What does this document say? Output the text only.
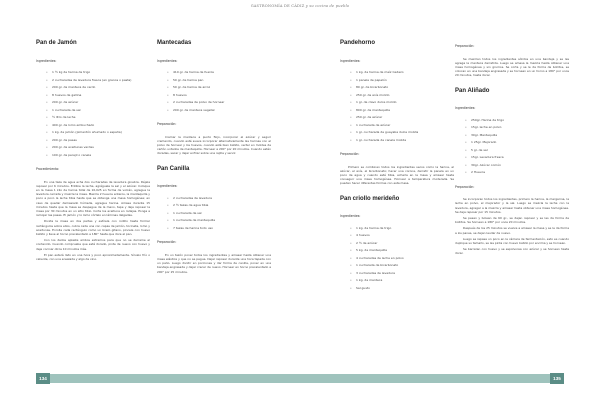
GASTRONOMÍA DE CÁDIZ y su cocina de pueblo
Pan de Jamón
Ingredientes:
• 1 ½ kg de harina de trigo
• 2 cucharadas de levadura fresca (en granos o pasta)
• 200 gr. de manteca de cerdo
• 8 huevos de gallina
• 200 gr. de azúcar
• 1 cucharada de sal
• ½ litro de leche
• 400 gr. de lomo embuchado
• 1 kg. de jamón (pimentón ahumado o españa)
• 200 gr. de pasas
• 200 gr. de aceitunas verdes
• 100 gr. de perejil o canela
Procedimiento:

En una taza de agua echa dos cucharadas de levadura ginebra. Déjela reposar por 6 minutos. Entibie la leche, agréguele la sal y el azúcar. Coloque en la mesa 1 kilo de harina total de 10,025 en forma de volcán, agregue la levadura cerrada y mezcle la masa. Mezcla 2 huevos enteros, la mantequilla y poco a poco la leche tibia hasta que se obtenga una masa homogénea; en caso de quedar demasiado húmeda, agregue harina. Amase durante 15 minutos hasta que la masa se despegue de la mano, tape y deje reposar la masa por 30 minutos en un sitio tibio. Corte los aceituna en rodajas. Ponga a remojar las pasas. El jamón y lo lomo córtelo en láminas delgadas.

Divida la masa en dos partes y estírela con rodillo hasta formar rectángulos sobre ellos, cubra cada una con capas de jamón, tocineta, lomo y aceitunas. Enrolle cada rectángulo como un brazo gitano, pincele con huevo batido y lleve al horno precalentado a 180° hasta que dore el pan.

Con los dedos aplaste ambos extremos para que no se derrame el contenido. Cuando compruebe que está dorado, pinte de nuevo con huevo y deje cocinar otros 10 minutos más.

El pan estará listo en una hora y poco aproximadamente. Sírvalo frío o caliente, con una ensalada y algo de vino.

Mantecadas
Ingredientes:
• 410 gr. de harina de fuerza
• 50 gr. de harina pan
• 50 gr. de harina de arroz
• 8 huevos
• 2 cucharadas de polvo de hornear
• 200 gr. de manteca vegetal
Preparación:

Cremar la manteca a punto flojo, incorporar el azúcar y seguir cremando, cuando esté suave incorporar alternativamente las harinas con el polvo de hornear y los huevos, cuando esté bien batido, verter en moldes de cartón untados de mantequilla. Hornear a 200° por 20 minutos. Cuando estén doradas, sacar y dejar enfriar sobre una rejilla y servir.

Pan Canilla
Ingredientes:
• 2 cucharadas de levadura
• 2 ½ tazas de agua tibia
• 1 cucharada de sal
• 1 cucharada de mantequilla
• 7 tazas de harina todo uso
Preparación:

En un tazón poner todos los ingredientes y amasar hasta obtener una masa elástica y que no se pegue. Dejar reposar durante una hora tapada con un paño. Luego dividir en porciones y dar forma de canilla, poner en una bandeja engrasada y dejar crecer de nuevo. Hornear en horno precalentado a 200° por 25 minutos.

Pandehorno
Ingredientes:
• 1 kg. de harina de maíz Cedazo
• 1 panela de papelón
• 80 gr. de bicarbonato
• 250 gr. de anís molido
• 1 gr. de clavo dulce molido
• 800 gr. de mantequilla
• 250 gr. de azúcar
• 1 cucharada de azúcar
• 1 gr. cucharada de guayaba dulce molida
• 1 gr. cucharada de canela molida
Preparación:

Primero se combinan todos los ingredientes secos como la harina, el azúcar, el anís, el bicarbonato; hacer una corona, derretir la panela en un poco de agua y cuando esté tibia, echarla en la masa y amasar hasta conseguir una masa homogénea. Hornear a temperatura moderada. Se pueden hacer diferentes formas con esta masa.

Pan criollo merideño
Ingredientes:
• 1 kg. de harina de trigo
• 4 huevos
• 2 ½ de azúcar
• 5 kg. de mantequilla
• 4 cucharadas de leche en polvo
• 1 cucharada de bicarbonato
• 3 cucharadas de levadura
• 1 kg. de manteca
• Sal gusto
Preparación:

Se mezclan todos los ingredientes sólidos en una bandeja y se les agrega la manteca derretida. Luego se amasa la mezcla hasta obtener una masa homogénea y sin grumos. Se corta y se le da forma de bollitos, se colocan en una bandeja engrasada y se hornean en un horno a 180° por unos 20 minutos, hasta dorar.

Pan Aliñado
Ingredientes:
• 250gr. Harina de trigo
• 15gr. leche en polvo
• 30gr. Mantequilla
• 1 25gr. Mejorado
• 5 gr. de sal
• 15gr. Levadura fresca
• 30gr. Azúcar común
• 2 Huevos
Preparación:

Se incorporan todos los ingredientes, primero la harina, la margarina, la leche en polvo, el mejorador y la sal. Luego se mezcla la leche con la levadura, agregar a la mezcla y amasar hasta obtener una masa homogénea. Se deja reposar por 15 minutos.

Se pesan y bolean de 60 gr., se dejan reposar y se les da forma de bollitos. Se hornean a 180° por unos 20 minutos.

Después de los 25 minutos se vuelve a amasar la masa y se le da forma a los panes, se dejan leudar de nuevo.

Luego se repasa un poco en la cámara de fermentación, esto es cuando duplique su tamaño, se les pinta con huevo batido por encima y se hornean.

Se barnizan con huevo y se espolvorea con azúcar y se hornean hasta dorar.

134	135
